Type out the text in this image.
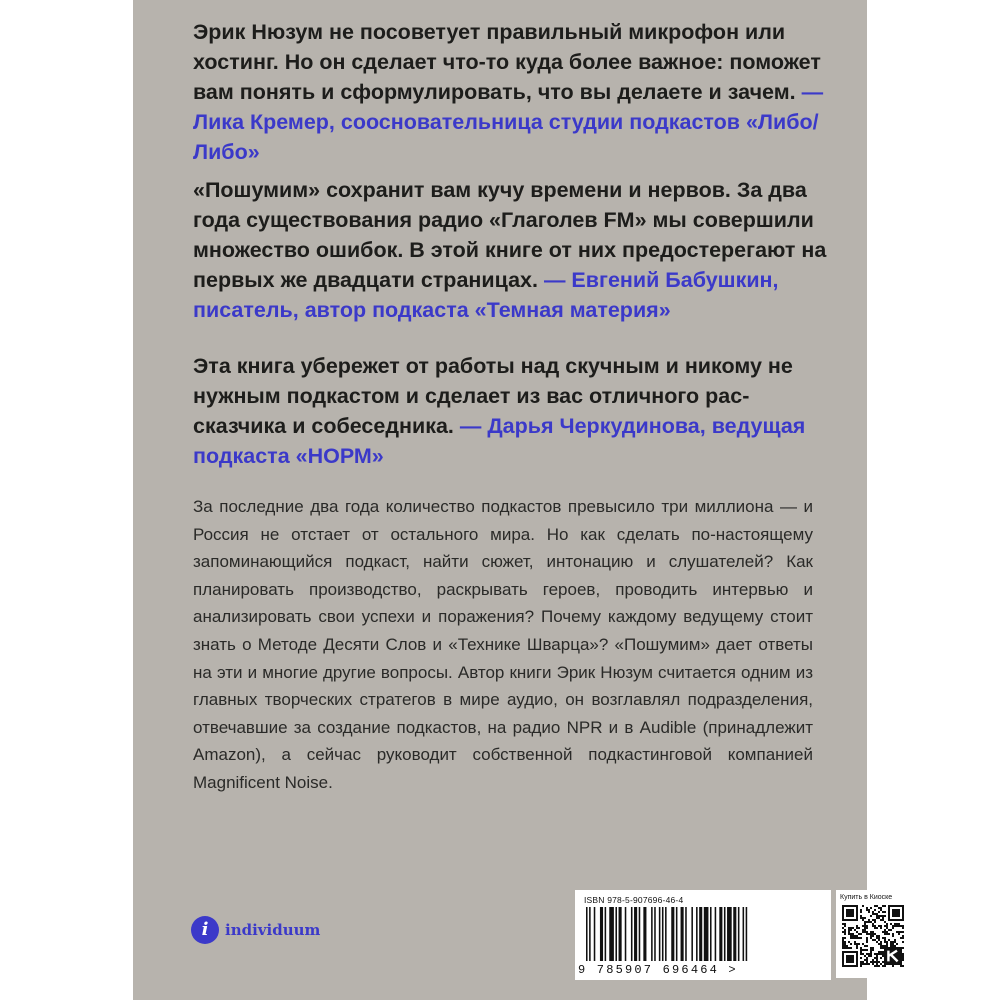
Эрик Нюзум не посоветует правильный микрофон или хостинг. Но он сделает что-то куда более важное: поможет вам понять и сформулировать, что вы делаете и зачем. — Лика Кремер, соосновательница студии подкастов «Либо/Либо»

«Пошумим» сохранит вам кучу времени и нервов. За два года существования радио «Глаголев FM» мы совершили множество ошибок. В этой книге от них предостерегают на первых же двадцати страницах. — Евгений Бабушкин, писатель, автор подкаста «Темная материя»

Эта книга убережет от работы над скучным и никому не нужным подкастом и сделает из вас отличного рассказчика и собеседника. — Дарья Черкудинова, ведущая подкаста «НОРМ»

За последние два года количество подкастов превысило три миллиона — и Россия не отстает от остального мира. Но как сделать по-настоящему запоминающийся подкаст, найти сюжет, интонацию и слушателей? Как планировать производство, раскрывать героев, проводить интервью и анализировать свои успехи и поражения? Почему каждому ведущему стоит знать о Методе Десяти Слов и «Технике Шварца»? «Пошумим» дает ответы на эти и многие другие вопросы. Автор книги Эрик Нюзум считается одним из главных творческих стратегов в мире аудио, он возглавлял подразделения, отвечавшие за создание подкастов, на радио NPR и в Audible (принадлежит Amazon), а сейчас руководит собственной подкастинговой компанией Magnificent Noise.

i	individuum
ISBN 978-5-907696-46-4
9 785907 696464 >
Купить в Киоске
